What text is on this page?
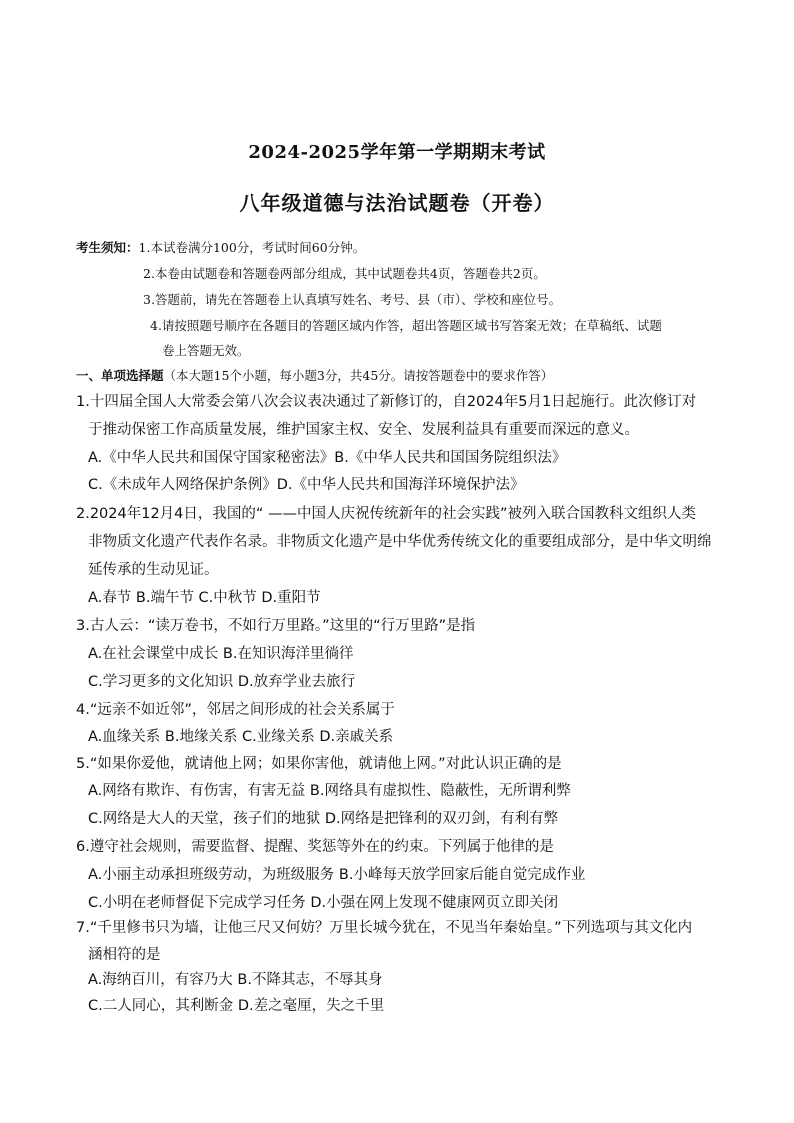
2024-2025学年第一学期期末考试
八年级道德与法治试题卷（开卷）
考生须知：1.本试卷满分100分，考试时间60分钟。
2.本卷由试题卷和答题卷两部分组成，其中试题卷共4页，答题卷共2页。
3.答题前，请先在答题卷上认真填写姓名、考号、县（市）、学校和座位号。
4.请按照题号顺序在各题目的答题区域内作答，超出答题区域书写答案无效；在草稿纸、试题
卷上答题无效。
一、单项选择题（本大题15个小题，每小题3分，共45分。请按答题卷中的要求作答）
1.十四届全国人大常委会第八次会议表决通过了新修订的，自2024年5月1日起施行。此次修订对
于推动保密工作高质量发展，维护国家主权、安全、发展利益具有重要而深远的意义。
A.《中华人民共和国保守国家秘密法》B.《中华人民共和国国务院组织法》
C.《未成年人网络保护条例》D.《中华人民共和国海洋环境保护法》
2.2024年12月4日，我国的“ ——中国人庆祝传统新年的社会实践”被列入联合国教科文组织人类
非物质文化遗产代表作名录。非物质文化遗产是中华优秀传统文化的重要组成部分，是中华文明绵
延传承的生动见证。
A.春节 B.端午节 C.中秋节 D.重阳节
3.古人云：“读万卷书，不如行万里路。”这里的“行万里路”是指
A.在社会课堂中成长 B.在知识海洋里徜徉
C.学习更多的文化知识 D.放弃学业去旅行
4.“远亲不如近邻”，邻居之间形成的社会关系属于
A.血缘关系 B.地缘关系 C.业缘关系 D.亲戚关系
5.“如果你爱他，就请他上网；如果你害他，就请他上网。”对此认识正确的是
A.网络有欺诈、有伤害，有害无益 B.网络具有虚拟性、隐蔽性，无所谓利弊
C.网络是大人的天堂，孩子们的地狱 D.网络是把锋利的双刃剑，有利有弊
6.遵守社会规则，需要监督、提醒、奖惩等外在的约束。下列属于他律的是
A.小丽主动承担班级劳动，为班级服务 B.小峰每天放学回家后能自觉完成作业
C.小明在老师督促下完成学习任务 D.小强在网上发现不健康网页立即关闭
7.“千里修书只为墙，让他三尺又何妨？万里长城今犹在，不见当年秦始皇。”下列选项与其文化内
涵相符的是
A.海纳百川，有容乃大 B.不降其志，不辱其身
C.二人同心，其利断金 D.差之毫厘，失之千里
